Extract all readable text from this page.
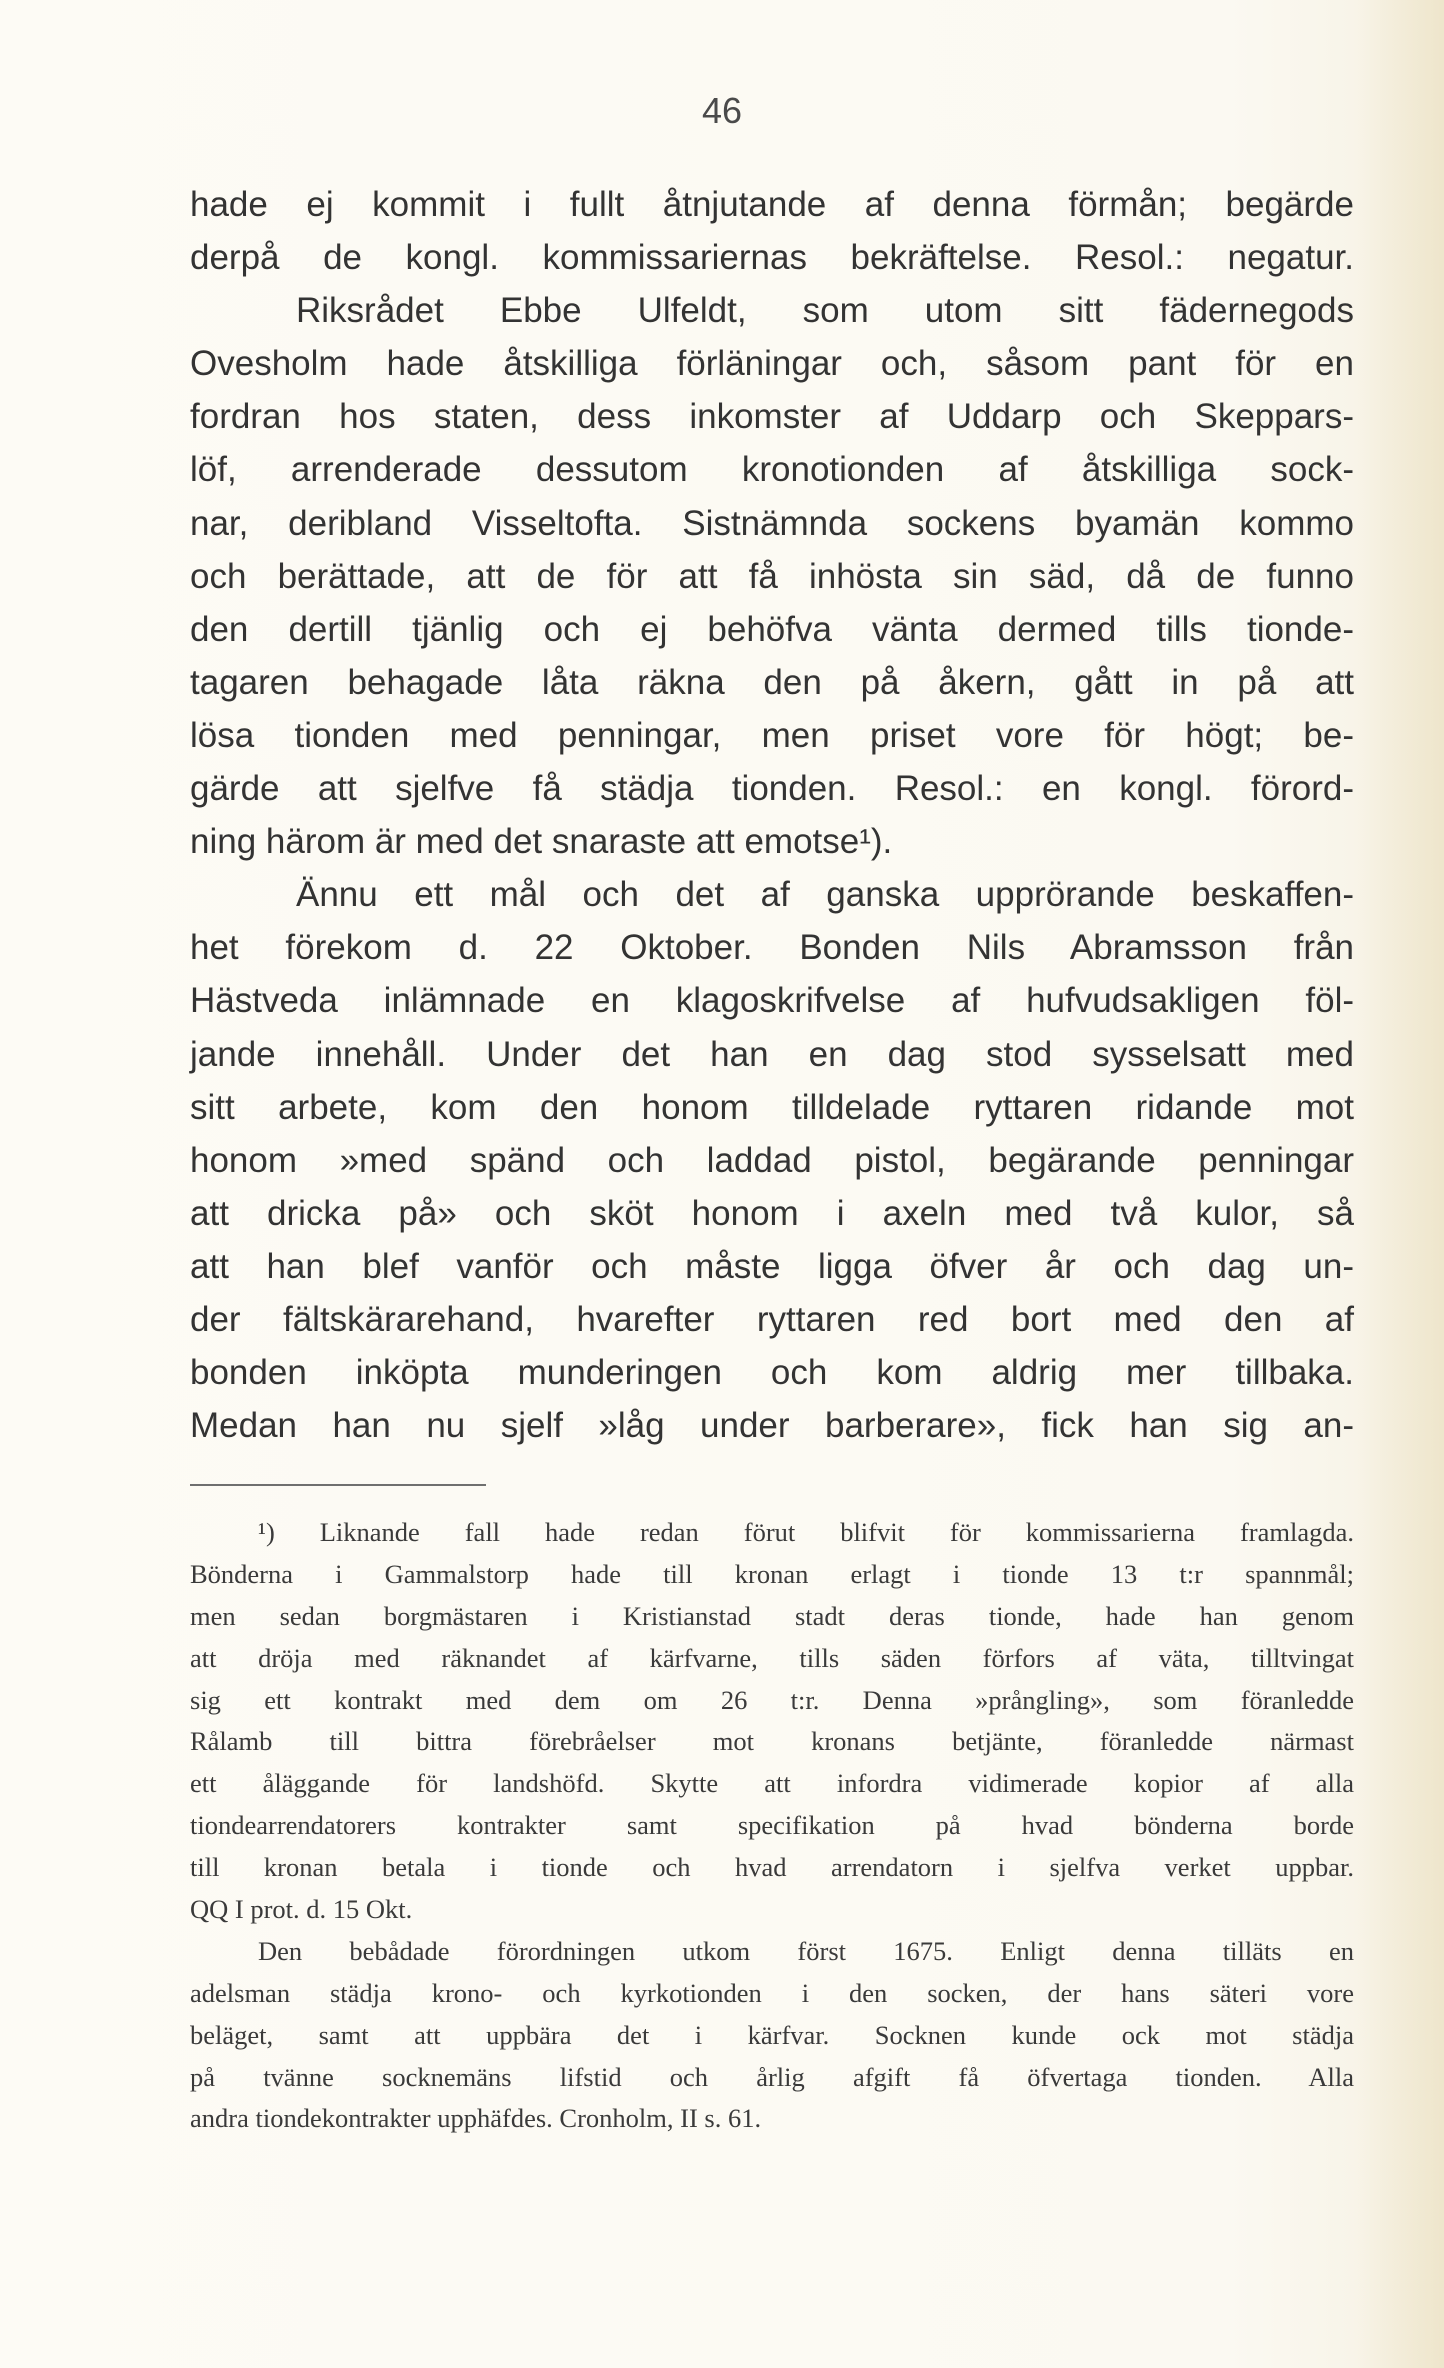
46
hade ej kommit i fullt åtnjutande af denna förmån; begärde
derpå de kongl. kommissariernas bekräftelse. Resol.: negatur.
Riksrådet Ebbe Ulfeldt, som utom sitt fädernegods
Ovesholm hade åtskilliga förläningar och, såsom pant för en
fordran hos staten, dess inkomster af Uddarp och Skeppars-
löf, arrenderade dessutom kronotionden af åtskilliga sock-
nar, deribland Visseltofta. Sistnämnda sockens byamän kommo
och berättade, att de för att få inhösta sin säd, då de funno
den dertill tjänlig och ej behöfva vänta dermed tills tionde-
tagaren behagade låta räkna den på åkern, gått in på att
lösa tionden med penningar, men priset vore för högt; be-
gärde att sjelfve få städja tionden. Resol.: en kongl. förord-
ning härom är med det snaraste att emotse¹).
Ännu ett mål och det af ganska upprörande beskaffen-
het förekom d. 22 Oktober. Bonden Nils Abramsson från
Hästveda inlämnade en klagoskrifvelse af hufvudsakligen föl-
jande innehåll. Under det han en dag stod sysselsatt med
sitt arbete, kom den honom tilldelade ryttaren ridande mot
honom »med spänd och laddad pistol, begärande penningar
att dricka på» och sköt honom i axeln med två kulor, så
att han blef vanför och måste ligga öfver år och dag un-
der fältskärarehand, hvarefter ryttaren red bort med den af
bonden inköpta munderingen och kom aldrig mer tillbaka.
Medan han nu sjelf »låg under barberare», fick han sig an-
¹) Liknande fall hade redan förut blifvit för kommissarierna framlagda.
Bönderna i Gammalstorp hade till kronan erlagt i tionde 13 t:r spannmål;
men sedan borgmästaren i Kristianstad stadt deras tionde, hade han genom
att dröja med räknandet af kärfvarne, tills säden förfors af väta, tilltvingat
sig ett kontrakt med dem om 26 t:r. Denna »prångling», som föranledde
Rålamb till bittra förebråelser mot kronans betjänte, föranledde närmast
ett åläggande för landshöfd. Skytte att infordra vidimerade kopior af alla
tiondearrendatorers kontrakter samt specifikation på hvad bönderna borde
till kronan betala i tionde och hvad arrendatorn i sjelfva verket uppbar.
QQ I prot. d. 15 Okt.
Den bebådade förordningen utkom först 1675. Enligt denna tilläts en
adelsman städja krono- och kyrkotionden i den socken, der hans säteri vore
beläget, samt att uppbära det i kärfvar. Socknen kunde ock mot städja
på tvänne socknemäns lifstid och årlig afgift få öfvertaga tionden. Alla
andra tiondekontrakter upphäfdes. Cronholm, II s. 61.
